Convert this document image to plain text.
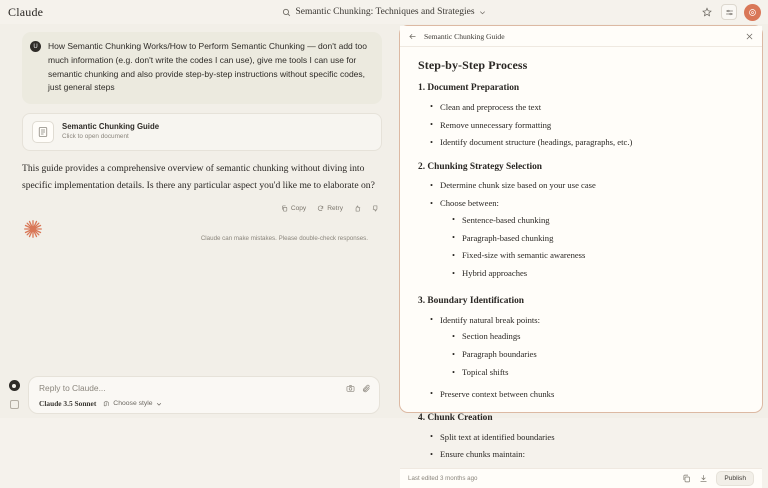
Claude	Semantic Chunking: Techniques and Strategies
U	How Semantic Chunking Works/How to Perform Semantic Chunking — don't add too much information (e.g. don't write the codes I can use), give me tools I can use for semantic chunking and also provide step-by-step instructions without specific codes, just general steps
Semantic Chunking Guide
Click to open document
This guide provides a comprehensive overview of semantic chunking without diving into specific implementation details. Is there any particular aspect you'd like me to elaborate on?
Copy	Retry
Claude can make mistakes. Please double-check responses.
Reply to Claude...
Claude 3.5 Sonnet	Choose style
Semantic Chunking Guide
Step-by-Step Process
1. Document Preparation
• Clean and preprocess the text
• Remove unnecessary formatting
• Identify document structure (headings, paragraphs, etc.)
2. Chunking Strategy Selection
• Determine chunk size based on your use case
• Choose between:
• Sentence-based chunking
• Paragraph-based chunking
• Fixed-size with semantic awareness
• Hybrid approaches
3. Boundary Identification
• Identify natural break points:
• Section headings
• Paragraph boundaries
• Topical shifts
• Preserve context between chunks
4. Chunk Creation
• Split text at identified boundaries
• Ensure chunks maintain:
Last edited 3 months ago	Publish
